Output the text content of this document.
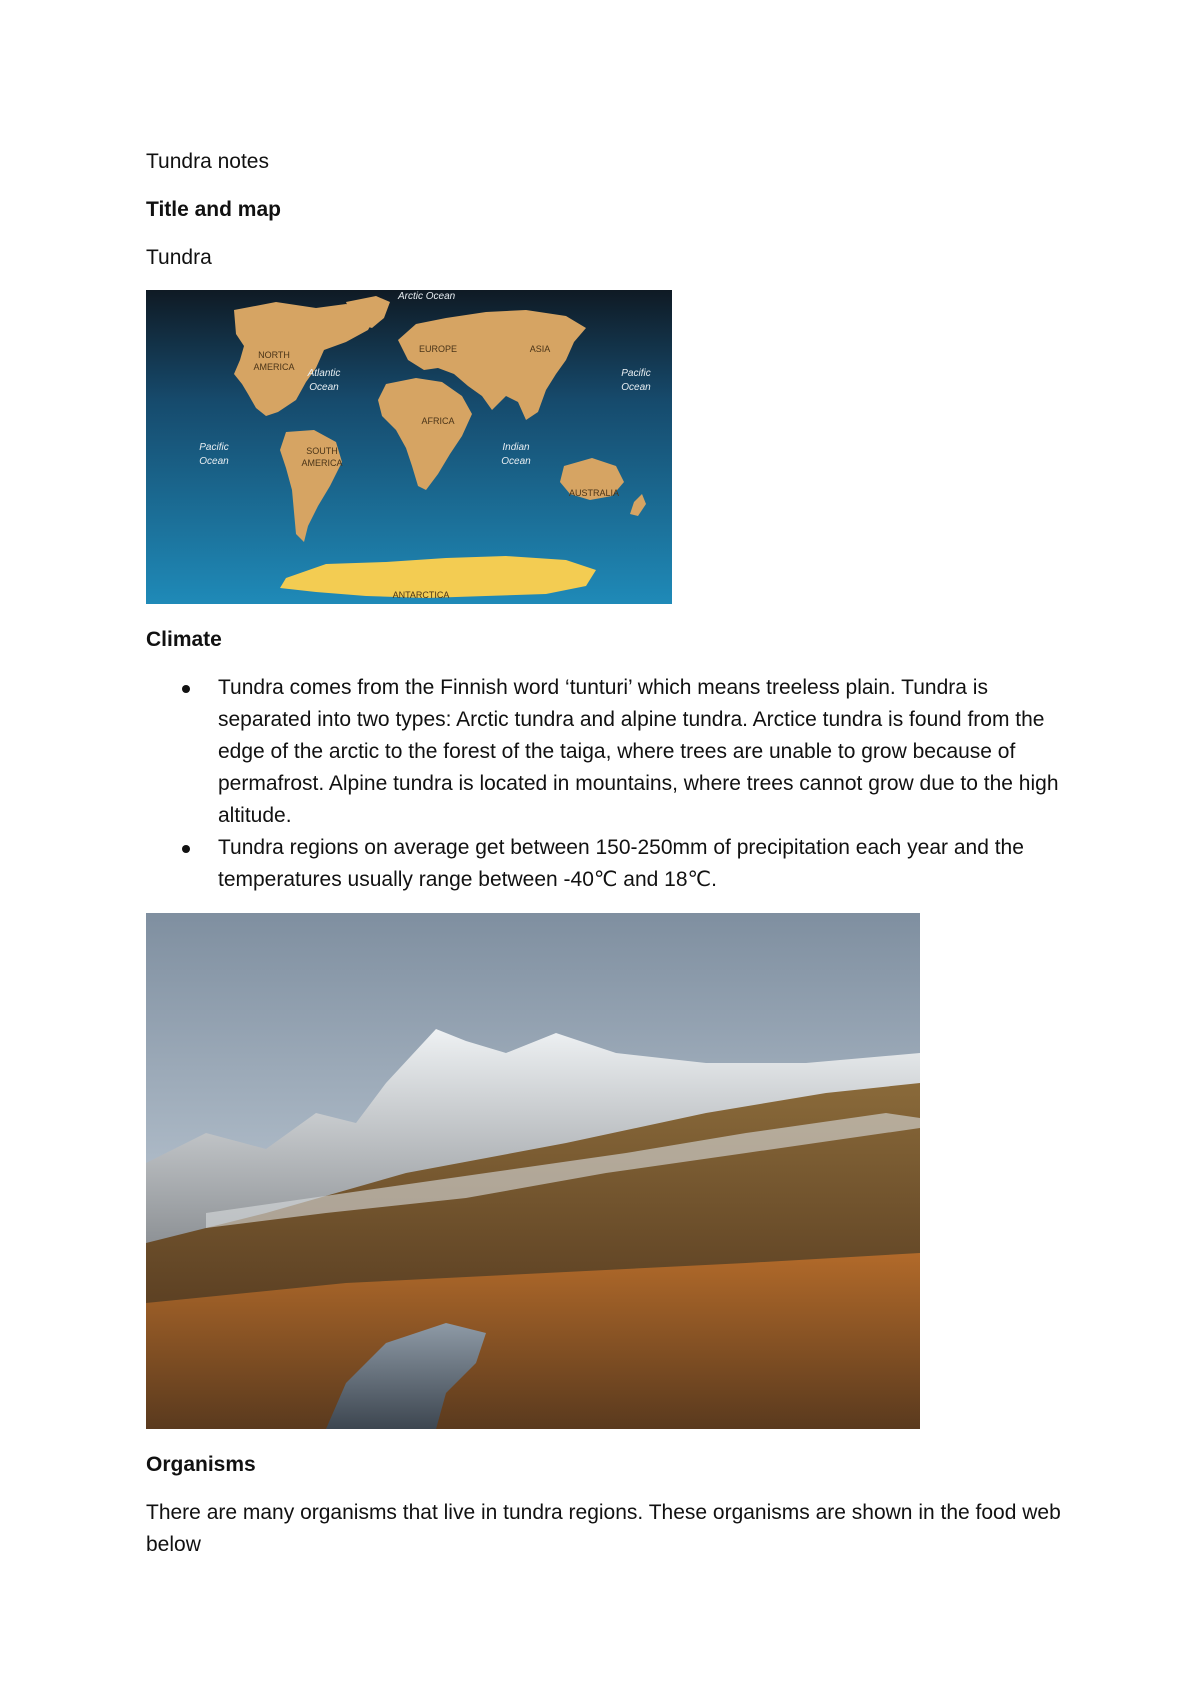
Tundra notes

Title and map

Tundra

Arctic Ocean
Atlantic
Ocean
Pacific
Ocean
Pacific
Ocean
Indian
Ocean
NORTH
AMERICA
EUROPE	ASIA
AFRICA
SOUTH
AMERICA
AUSTRALIA
ANTARCTICA

Climate

Tundra comes from the Finnish word ‘tunturi’ which means treeless plain. Tundra is separated into two types: Arctic tundra and alpine tundra. Arctice tundra is found from the edge of the arctic to the forest of the taiga, where trees are unable to grow because of permafrost. Alpine tundra is located in mountains, where trees cannot grow due to the high altitude.
Tundra regions on average get between 150-250mm of precipitation each year and the temperatures usually range between -40℃ and 18℃.

Organisms

There are many organisms that live in tundra regions. These organisms are shown in the food web below
